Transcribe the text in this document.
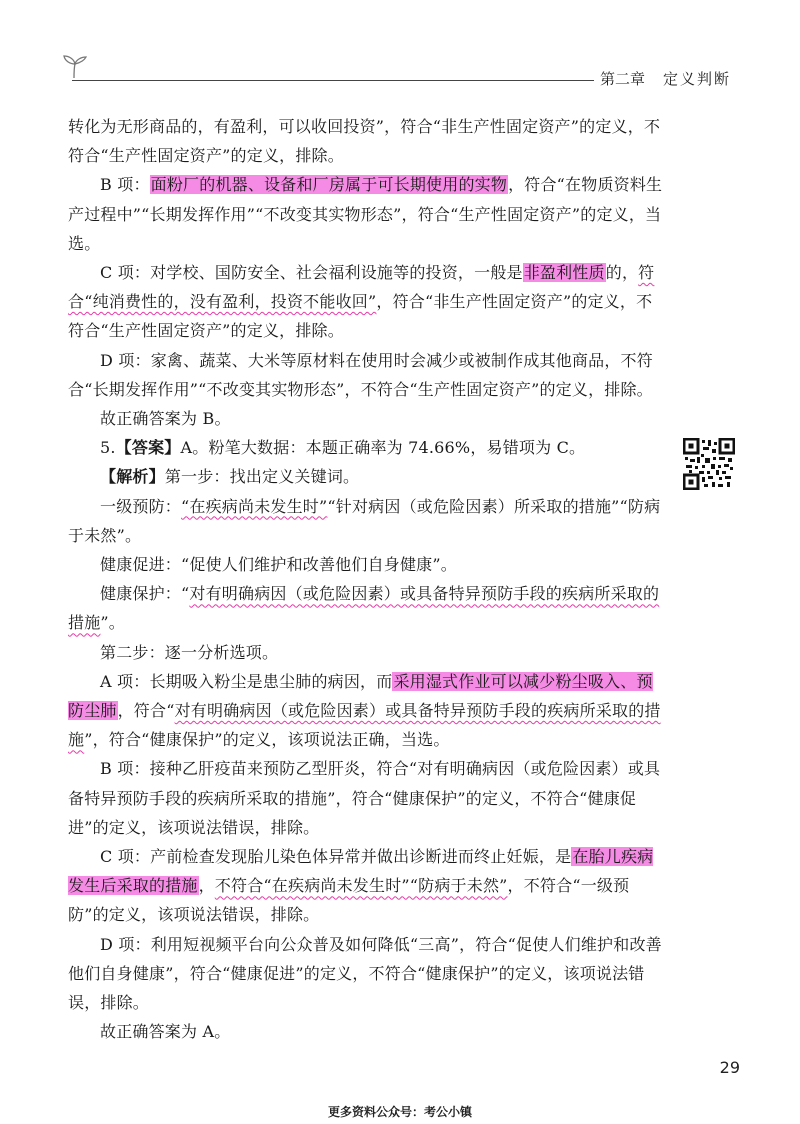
第二章 定义判断

转化为无形商品的，有盈利，可以收回投资”，符合“非生产性固定资产”的定义，不符合“生产性固定资产”的定义，排除。

B 项：面粉厂的机器、设备和厂房属于可长期使用的实物，符合“在物质资料生产过程中”“长期发挥作用”“不改变其实物形态”，符合“生产性固定资产”的定义，当选。

C 项：对学校、国防安全、社会福利设施等的投资，一般是非盈利性质的，符合“纯消费性的，没有盈利，投资不能收回”，符合“非生产性固定资产”的定义，不符合“生产性固定资产”的定义，排除。

D 项：家禽、蔬菜、大米等原材料在使用时会减少或被制作成其他商品，不符合“长期发挥作用”“不改变其实物形态”，不符合“生产性固定资产”的定义，排除。

故正确答案为 B。

5.【答案】A。粉笔大数据：本题正确率为 74.66%，易错项为 C。

【解析】第一步：找出定义关键词。

一级预防：“在疾病尚未发生时”“针对病因（或危险因素）所采取的措施”“防病于未然”。

健康促进：“促使人们维护和改善他们自身健康”。

健康保护：“对有明确病因（或危险因素）或具备特异预防手段的疾病所采取的措施”。

第二步：逐一分析选项。

A 项：长期吸入粉尘是患尘肺的病因，而采用湿式作业可以减少粉尘吸入、预防尘肺，符合“对有明确病因（或危险因素）或具备特异预防手段的疾病所采取的措施”，符合“健康保护”的定义，该项说法正确，当选。

B 项：接种乙肝疫苗来预防乙型肝炎，符合“对有明确病因（或危险因素）或具备特异预防手段的疾病所采取的措施”，符合“健康保护”的定义，不符合“健康促进”的定义，该项说法错误，排除。

C 项：产前检查发现胎儿染色体异常并做出诊断进而终止妊娠，是在胎儿疾病发生后采取的措施，不符合“在疾病尚未发生时”“防病于未然”，不符合“一级预防”的定义，该项说法错误，排除。

D 项：利用短视频平台向公众普及如何降低“三高”，符合“促使人们维护和改善他们自身健康”，符合“健康促进”的定义，不符合“健康保护”的定义，该项说法错误，排除。

故正确答案为 A。

29
更多资料公众号：考公小镇
